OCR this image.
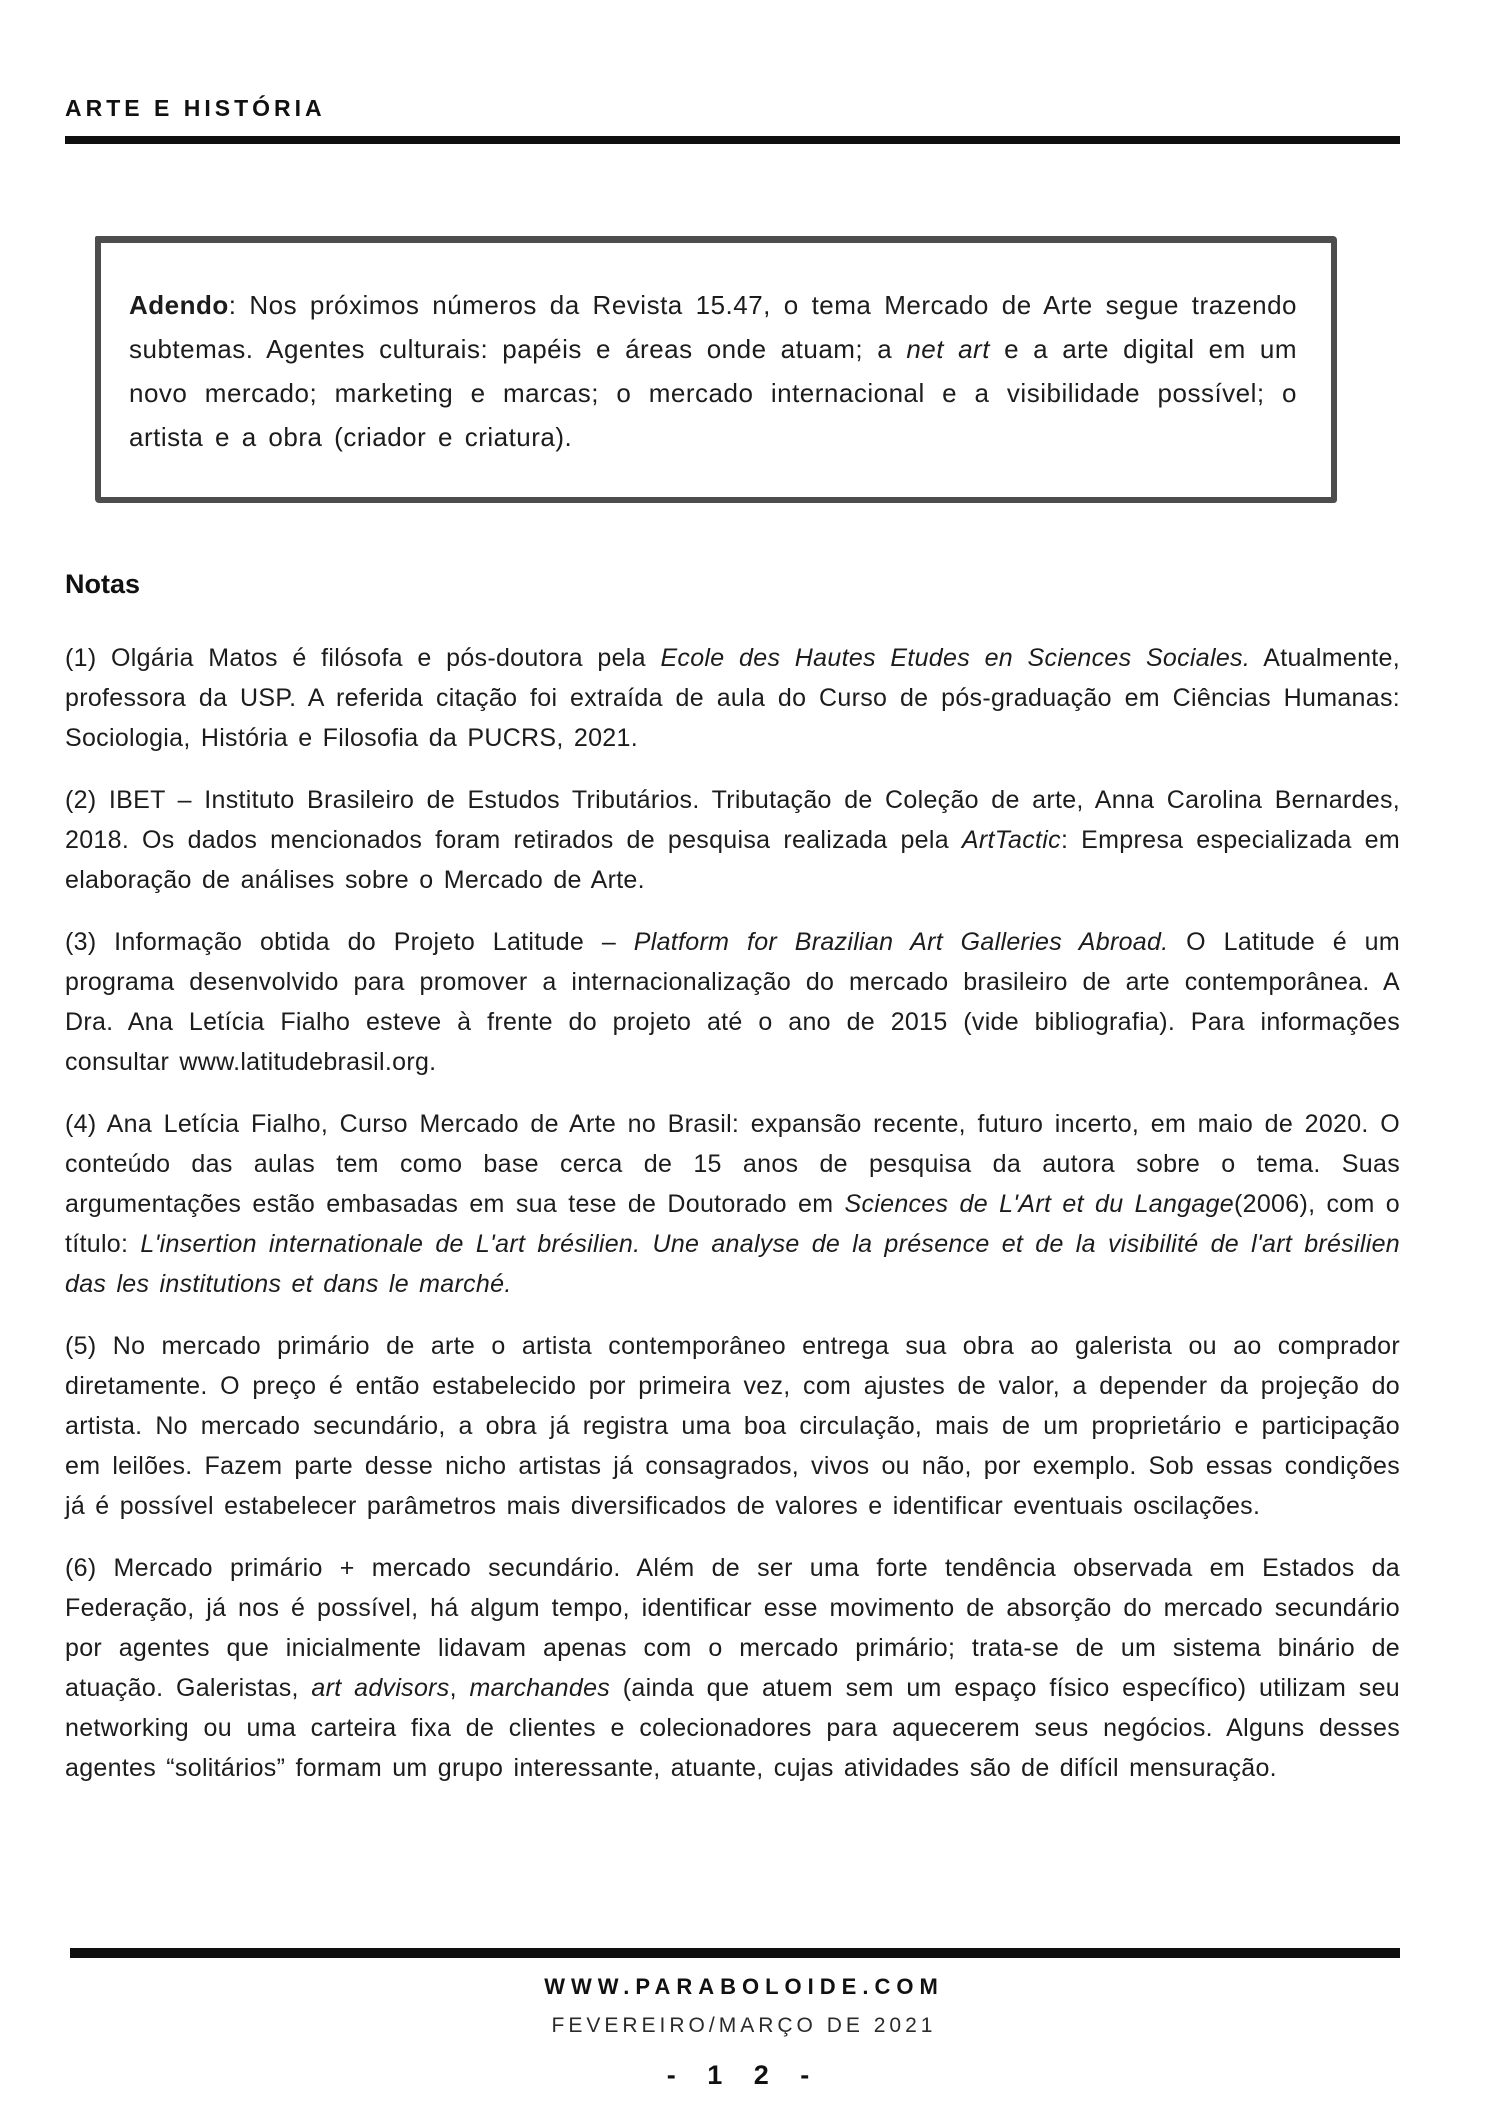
ARTE E HISTÓRIA
Adendo: Nos próximos números da Revista 15.47, o tema Mercado de Arte segue trazendo subtemas. Agentes culturais: papéis e áreas onde atuam; a net art e a arte digital em um novo mercado; marketing e marcas; o mercado internacional e a visibilidade possível; o artista e a obra (criador e criatura).
Notas

(1) Olgária Matos é filósofa e pós-doutora pela Ecole des Hautes Etudes en Sciences Sociales. Atualmente, professora da USP. A referida citação foi extraída de aula do Curso de pós-graduação em Ciências Humanas: Sociologia, História e Filosofia da PUCRS, 2021.

(2) IBET – Instituto Brasileiro de Estudos Tributários. Tributação de Coleção de arte, Anna Carolina Bernardes, 2018. Os dados mencionados foram retirados de pesquisa realizada pela ArtTactic: Empresa especializada em elaboração de análises sobre o Mercado de Arte.

(3) Informação obtida do Projeto Latitude – Platform for Brazilian Art Galleries Abroad. O Latitude é um programa desenvolvido para promover a internacionalização do mercado brasileiro de arte contemporânea. A Dra. Ana Letícia Fialho esteve à frente do projeto até o ano de 2015 (vide bibliografia). Para informações consultar www.latitudebrasil.org.

(4) Ana Letícia Fialho, Curso Mercado de Arte no Brasil: expansão recente, futuro incerto, em maio de 2020. O conteúdo das aulas tem como base cerca de 15 anos de pesquisa da autora sobre o tema. Suas argumentações estão embasadas em sua tese de Doutorado em Sciences de L'Art et du Langage(2006), com o título: L'insertion internationale de L'art brésilien. Une analyse de la présence et de la visibilité de l'art brésilien das les institutions et dans le marché.

(5) No mercado primário de arte o artista contemporâneo entrega sua obra ao galerista ou ao comprador diretamente. O preço é então estabelecido por primeira vez, com ajustes de valor, a depender da projeção do artista. No mercado secundário, a obra já registra uma boa circulação, mais de um proprietário e participação em leilões. Fazem parte desse nicho artistas já consagrados, vivos ou não, por exemplo. Sob essas condições já é possível estabelecer parâmetros mais diversificados de valores e identificar eventuais oscilações.

(6) Mercado primário + mercado secundário. Além de ser uma forte tendência observada em Estados da Federação, já nos é possível, há algum tempo, identificar esse movimento de absorção do mercado secundário por agentes que inicialmente lidavam apenas com o mercado primário; trata-se de um sistema binário de atuação. Galeristas, art advisors, marchandes (ainda que atuem sem um espaço físico específico) utilizam seu networking ou uma carteira fixa de clientes e colecionadores para aquecerem seus negócios. Alguns desses agentes “solitários” formam um grupo interessante, atuante, cujas atividades são de difícil mensuração.

WWW.PARABOLOIDE.COM
FEVEREIRO/MARÇO DE 2021
- 1 2 -
